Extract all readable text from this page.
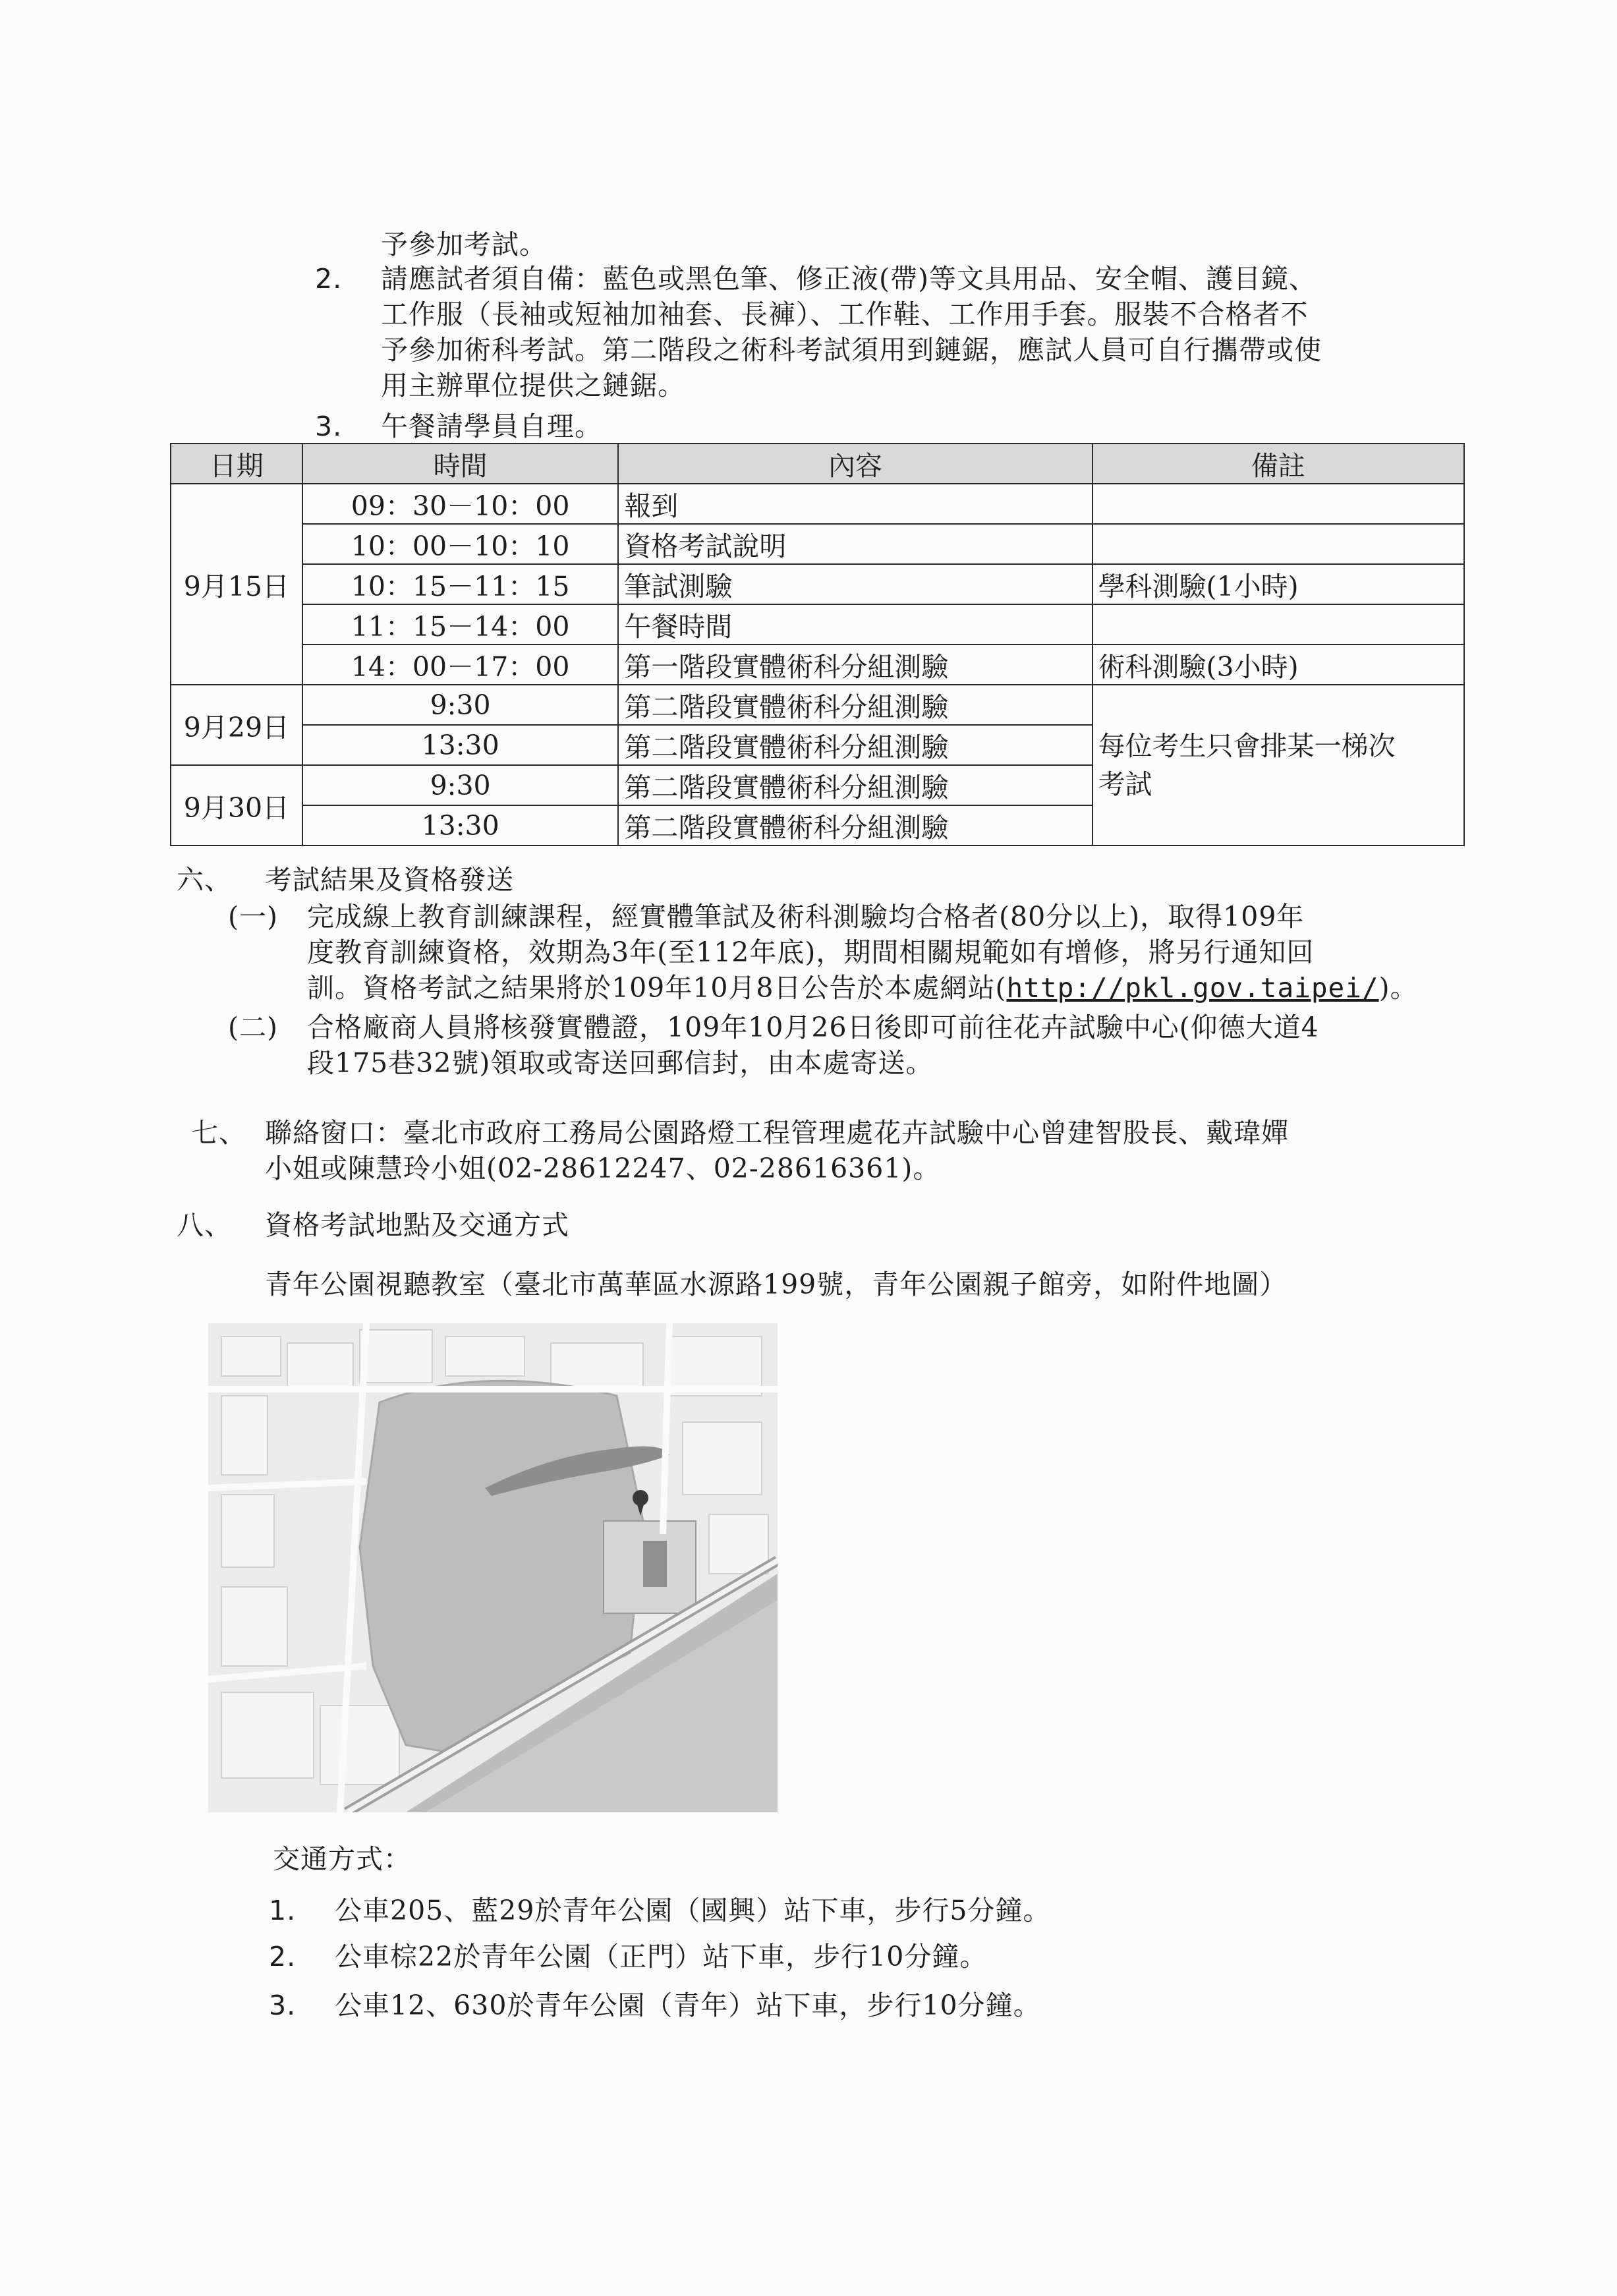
予參加考試。
2. 請應試者須自備：藍色或黑色筆、修正液(帶)等文具用品、安全帽、護目鏡、
工作服（長袖或短袖加袖套、長褲）、工作鞋、工作用手套。服裝不合格者不
予參加術科考試。第二階段之術科考試須用到鏈鋸，應試人員可自行攜帶或使
用主辦單位提供之鏈鋸。
3. 午餐請學員自理。
日期	時間	內容	備註
9月15日	09：30－10：00	報到	
	10：00－10：10	資格考試說明	
	10：15－11：15	筆試測驗	學科測驗(1小時)
	11：15－14：00	午餐時間	
	14：00－17：00	第一階段實體術科分組測驗	術科測驗(3小時)
9月29日	9:30	第二階段實體術科分組測驗	每位考生只會排某一梯次
考試

	13:30	第二階段實體術科分組測驗	
9月30日	9:30	第二階段實體術科分組測驗	
	13:30	第二階段實體術科分組測驗	
六、 考試結果及資格發送
(一) 完成線上教育訓練課程，經實體筆試及術科測驗均合格者(80分以上)，取得109年
度教育訓練資格，效期為3年(至112年底)，期間相關規範如有增修，將另行通知回
訓。資格考試之結果將於109年10月8日公告於本處網站(http://pkl.gov.taipei/)。
(二) 合格廠商人員將核發實體證，109年10月26日後即可前往花卉試驗中心(仰德大道4
段175巷32號)領取或寄送回郵信封，由本處寄送。
七、 聯絡窗口：臺北市政府工務局公園路燈工程管理處花卉試驗中心曾建智股長、戴瑋嬋
小姐或陳慧玲小姐(02-28612247、02-28616361)。
八、 資格考試地點及交通方式
青年公園視聽教室（臺北市萬華區水源路199號，青年公園親子館旁，如附件地圖）
交通方式：
1. 公車205、藍29於青年公園（國興）站下車，步行5分鐘。
2. 公車棕22於青年公園（正門）站下車，步行10分鐘。
3. 公車12、630於青年公園（青年）站下車，步行10分鐘。
